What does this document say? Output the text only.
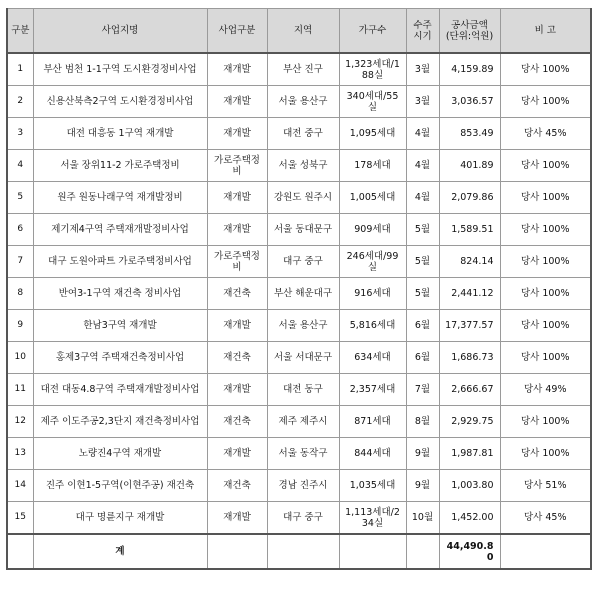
구분	사업지명	사업구분	지역	가구수	수주시기	공사금액(단위:억원)	비 고
1	부산 범천 1-1구역 도시환경정비사업	재개발	부산 진구	1,323세대/188실	3월	4,159.89	당사 100%
2	신용산북측2구역 도시환경정비사업	재개발	서울 용산구	340세대/55실	3월	3,036.57	당사 100%
3	대전 대흥동 1구역 재개발	재개발	대전 중구	1,095세대	4월	853.49	당사 45%
4	서울 장위11-2 가로주택정비	가로주택정비	서울 성북구	178세대	4월	401.89	당사 100%
5	원주 원동나래구역 재개발정비	재개발	강원도 원주시	1,005세대	4월	2,079.86	당사 100%
6	제기제4구역 주택재개발정비사업	재개발	서울 동대문구	909세대	5월	1,589.51	당사 100%
7	대구 도원아파트 가로주택정비사업	가로주택정비	대구 중구	246세대/99실	5월	824.14	당사 100%
8	반여3-1구역 재건축 정비사업	재건축	부산 해운대구	916세대	5월	2,441.12	당사 100%
9	한남3구역 재개발	재개발	서울 용산구	5,816세대	6월	17,377.57	당사 100%
10	홍제3구역 주택재건축정비사업	재건축	서울 서대문구	634세대	6월	1,686.73	당사 100%
11	대전 대동4.8구역 주택재개발정비사업	재개발	대전 동구	2,357세대	7월	2,666.67	당사 49%
12	제주 이도주공2,3단지 재건축정비사업	재건축	제주 제주시	871세대	8월	2,929.75	당사 100%
13	노량진4구역 재개발	재개발	서울 동작구	844세대	9월	1,987.81	당사 100%
14	진주 이현1-5구역(이현주공) 재건축	재건축	경남 진주시	1,035세대	9월	1,003.80	당사 51%
15	대구 명륜지구 재개발	재개발	대구 중구	1,113세대/234실	10월	1,452.00	당사 45%
	계					44,490.80	
